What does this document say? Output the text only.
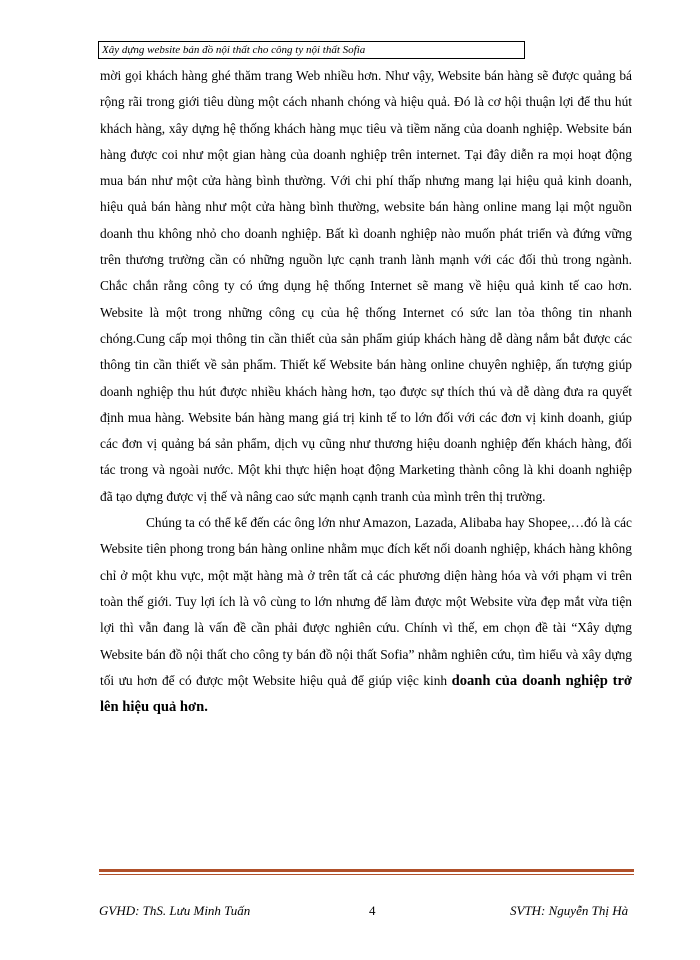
Xây dựng website bán đồ nội thất cho công ty nội thất Sofia

mời gọi khách hàng ghé thăm trang Web nhiều hơn. Như vậy, Website bán hàng sẽ được quảng bá rộng rãi trong giới tiêu dùng một cách nhanh chóng và hiệu quả. Đó là cơ hội thuận lợi để thu hút khách hàng, xây dựng hệ thống khách hàng mục tiêu và tiềm năng của doanh nghiệp. Website bán hàng được coi như một gian hàng của doanh nghiệp trên internet. Tại đây diễn ra mọi hoạt động mua bán như một cửa hàng bình thường. Với chi phí thấp nhưng mang lại hiệu quả kinh doanh, hiệu quả bán hàng như một cửa hàng bình thường, website bán hàng online mang lại một nguồn doanh thu không nhỏ cho doanh nghiệp. Bất kì doanh nghiệp nào muốn phát triển và đứng vững trên thương trường cần có những nguồn lực cạnh tranh lành mạnh với các đối thủ trong ngành. Chắc chắn rằng công ty có ứng dụng hệ thống Internet sẽ mang về hiệu quả kinh tế cao hơn. Website là một trong những công cụ của hệ thống Internet có sức lan tỏa thông tin nhanh chóng.Cung cấp mọi thông tin cần thiết của sản phẩm giúp khách hàng dễ dàng nắm bắt được các thông tin cần thiết về sản phẩm. Thiết kế Website bán hàng online chuyên nghiệp, ấn tượng giúp doanh nghiệp thu hút được nhiều khách hàng hơn, tạo được sự thích thú và dễ dàng đưa ra quyết định mua hàng. Website bán hàng mang giá trị kinh tế to lớn đối với các đơn vị kinh doanh, giúp các đơn vị quảng bá sản phẩm, dịch vụ cũng như thương hiệu doanh nghiệp đến khách hàng, đối tác trong và ngoài nước. Một khi thực hiện hoạt động Marketing thành công là khi doanh nghiệp đã tạo dựng được vị thế và nâng cao sức mạnh cạnh tranh của mình trên thị trường.

Chúng ta có thể kể đến các ông lớn như Amazon, Lazada, Alibaba hay Shopee,…đó là các Website tiên phong trong bán hàng online nhằm mục đích kết nối doanh nghiệp, khách hàng không chỉ ở một khu vực, một mặt hàng mà ở trên tất cả các phương diện hàng hóa và với phạm vi trên toàn thế giới. Tuy lợi ích là vô cùng to lớn nhưng để làm được một Website vừa đẹp mắt vừa tiện lợi thì vẫn đang là vấn đề cần phải được nghiên cứu. Chính vì thế, em chọn đề tài “Xây dựng Website bán đồ nội thất cho công ty bán đồ nội thất Sofia” nhằm nghiên cứu, tìm hiểu và xây dựng tối ưu hơn để có được một Website hiệu quả để giúp việc kinh doanh của doanh nghiệp trở lên hiệu quả hơn.

GVHD: ThS. Lưu Minh Tuấn	4	SVTH: Nguyễn Thị Hà
